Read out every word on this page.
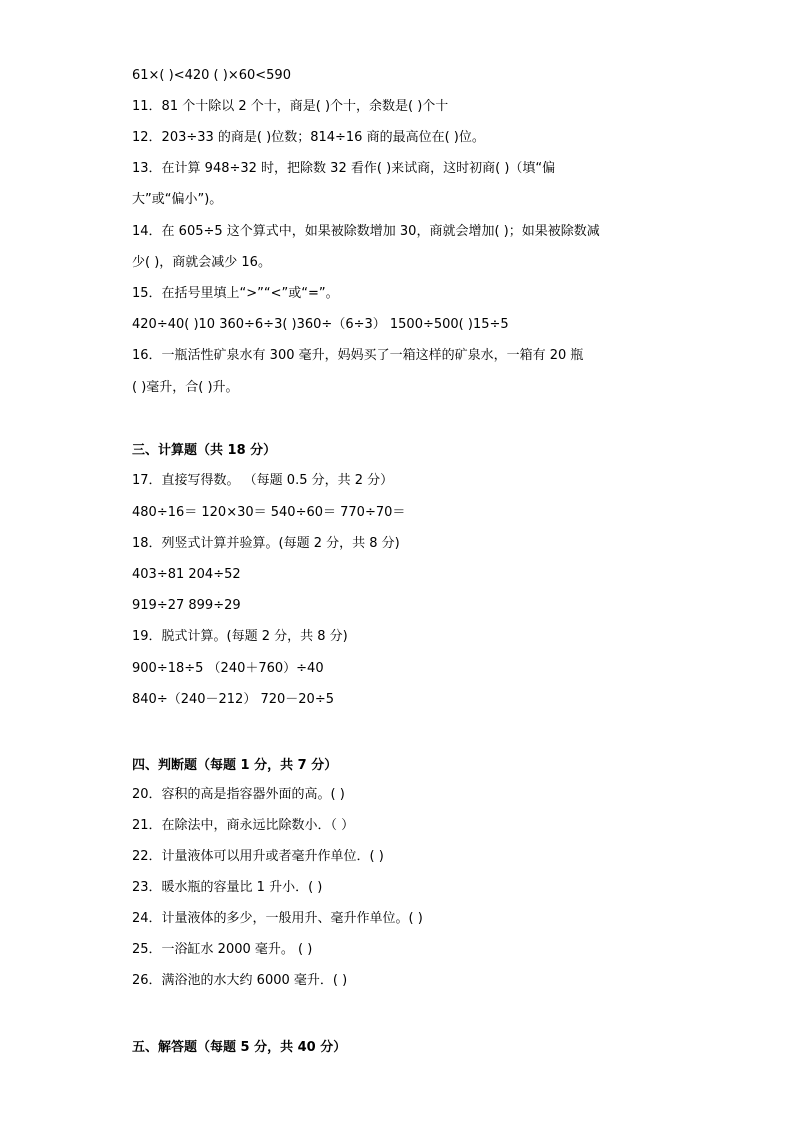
61×( )<420 ( )×60<590
11．81 个十除以 2 个十，商是( )个十，余数是( )个十
12．203÷33 的商是( )位数；814÷16 商的最高位在( )位。
13．在计算 948÷32 时，把除数 32 看作( )来试商，这时初商( )（填“偏
大”或“偏小”)。
14．在 605÷5 这个算式中，如果被除数增加 30，商就会增加( )；如果被除数减
少( )，商就会减少 16。
15．在括号里填上“>”“<”或“=”。
420÷40( )10 360÷6÷3( )360÷（6÷3） 1500÷500( )15÷5
16．一瓶活性矿泉水有 300 毫升，妈妈买了一箱这样的矿泉水，一箱有 20 瓶
( )毫升，合( )升。
三、计算题（共 18 分）
17．直接写得数。 （每题 0.5 分，共 2 分）
480÷16＝ 120×30＝ 540÷60＝ 770÷70＝
18．列竖式计算并验算。(每题 2 分，共 8 分)
403÷81 204÷52
919÷27 899÷29
19．脱式计算。(每题 2 分，共 8 分)
900÷18÷5 （240＋760）÷40
840÷（240－212） 720－20÷5
四、判断题（每题 1 分，共 7 分）
20．容积的高是指容器外面的高。( )
21．在除法中，商永远比除数小．（ ）
22．计量液体可以用升或者毫升作单位．( )
23．暖水瓶的容量比 1 升小．( )
24．计量液体的多少，一般用升、毫升作单位。( )
25．一浴缸水 2000 毫升。 ( )
26．满浴池的水大约 6000 毫升．( )
五、解答题（每题 5 分，共 40 分）
